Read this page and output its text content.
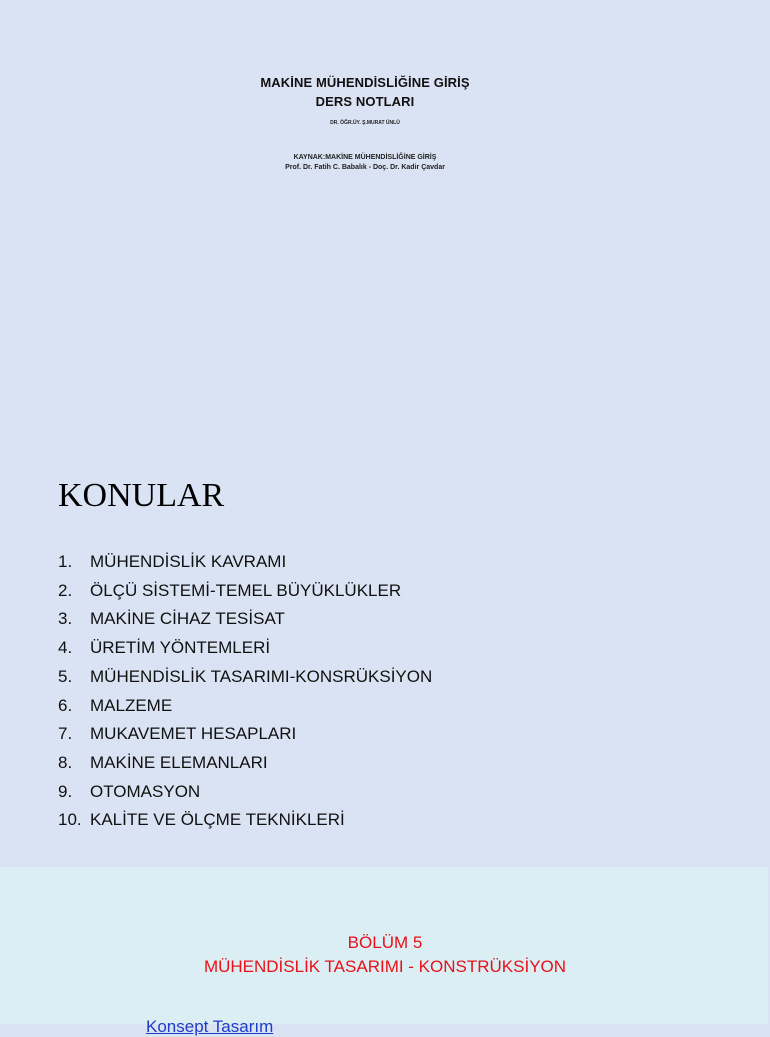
MAKİNE MÜHENDİSLİĞİNE GİRİŞ
DERS NOTLARI
DR. ÖĞR.ÜY. Ş.MURAT ÜNLÜ
KAYNAK:MAKİNE MÜHENDİSLİĞİNE GİRİŞ
Prof. Dr. Fatih C. Babalık - Doç. Dr. Kadir Çavdar
KONULAR
1. MÜHENDİSLİK KAVRAMI
2. ÖLÇÜ SİSTEMİ-TEMEL BÜYÜKLÜKLER
3. MAKİNE CİHAZ TESİSAT
4. ÜRETİM YÖNTEMLERİ
5. MÜHENDİSLİK TASARIMI-KONSRÜKSİYON
6. MALZEME
7. MUKAVEMET HESAPLARI
8. MAKİNE ELEMANLARI
9. OTOMASYON
10. KALİTE VE ÖLÇME TEKNİKLERİ
BÖLÜM 5
MÜHENDİSLİK TASARIMI - KONSTRÜKSİYON
Konsept Tasarım
